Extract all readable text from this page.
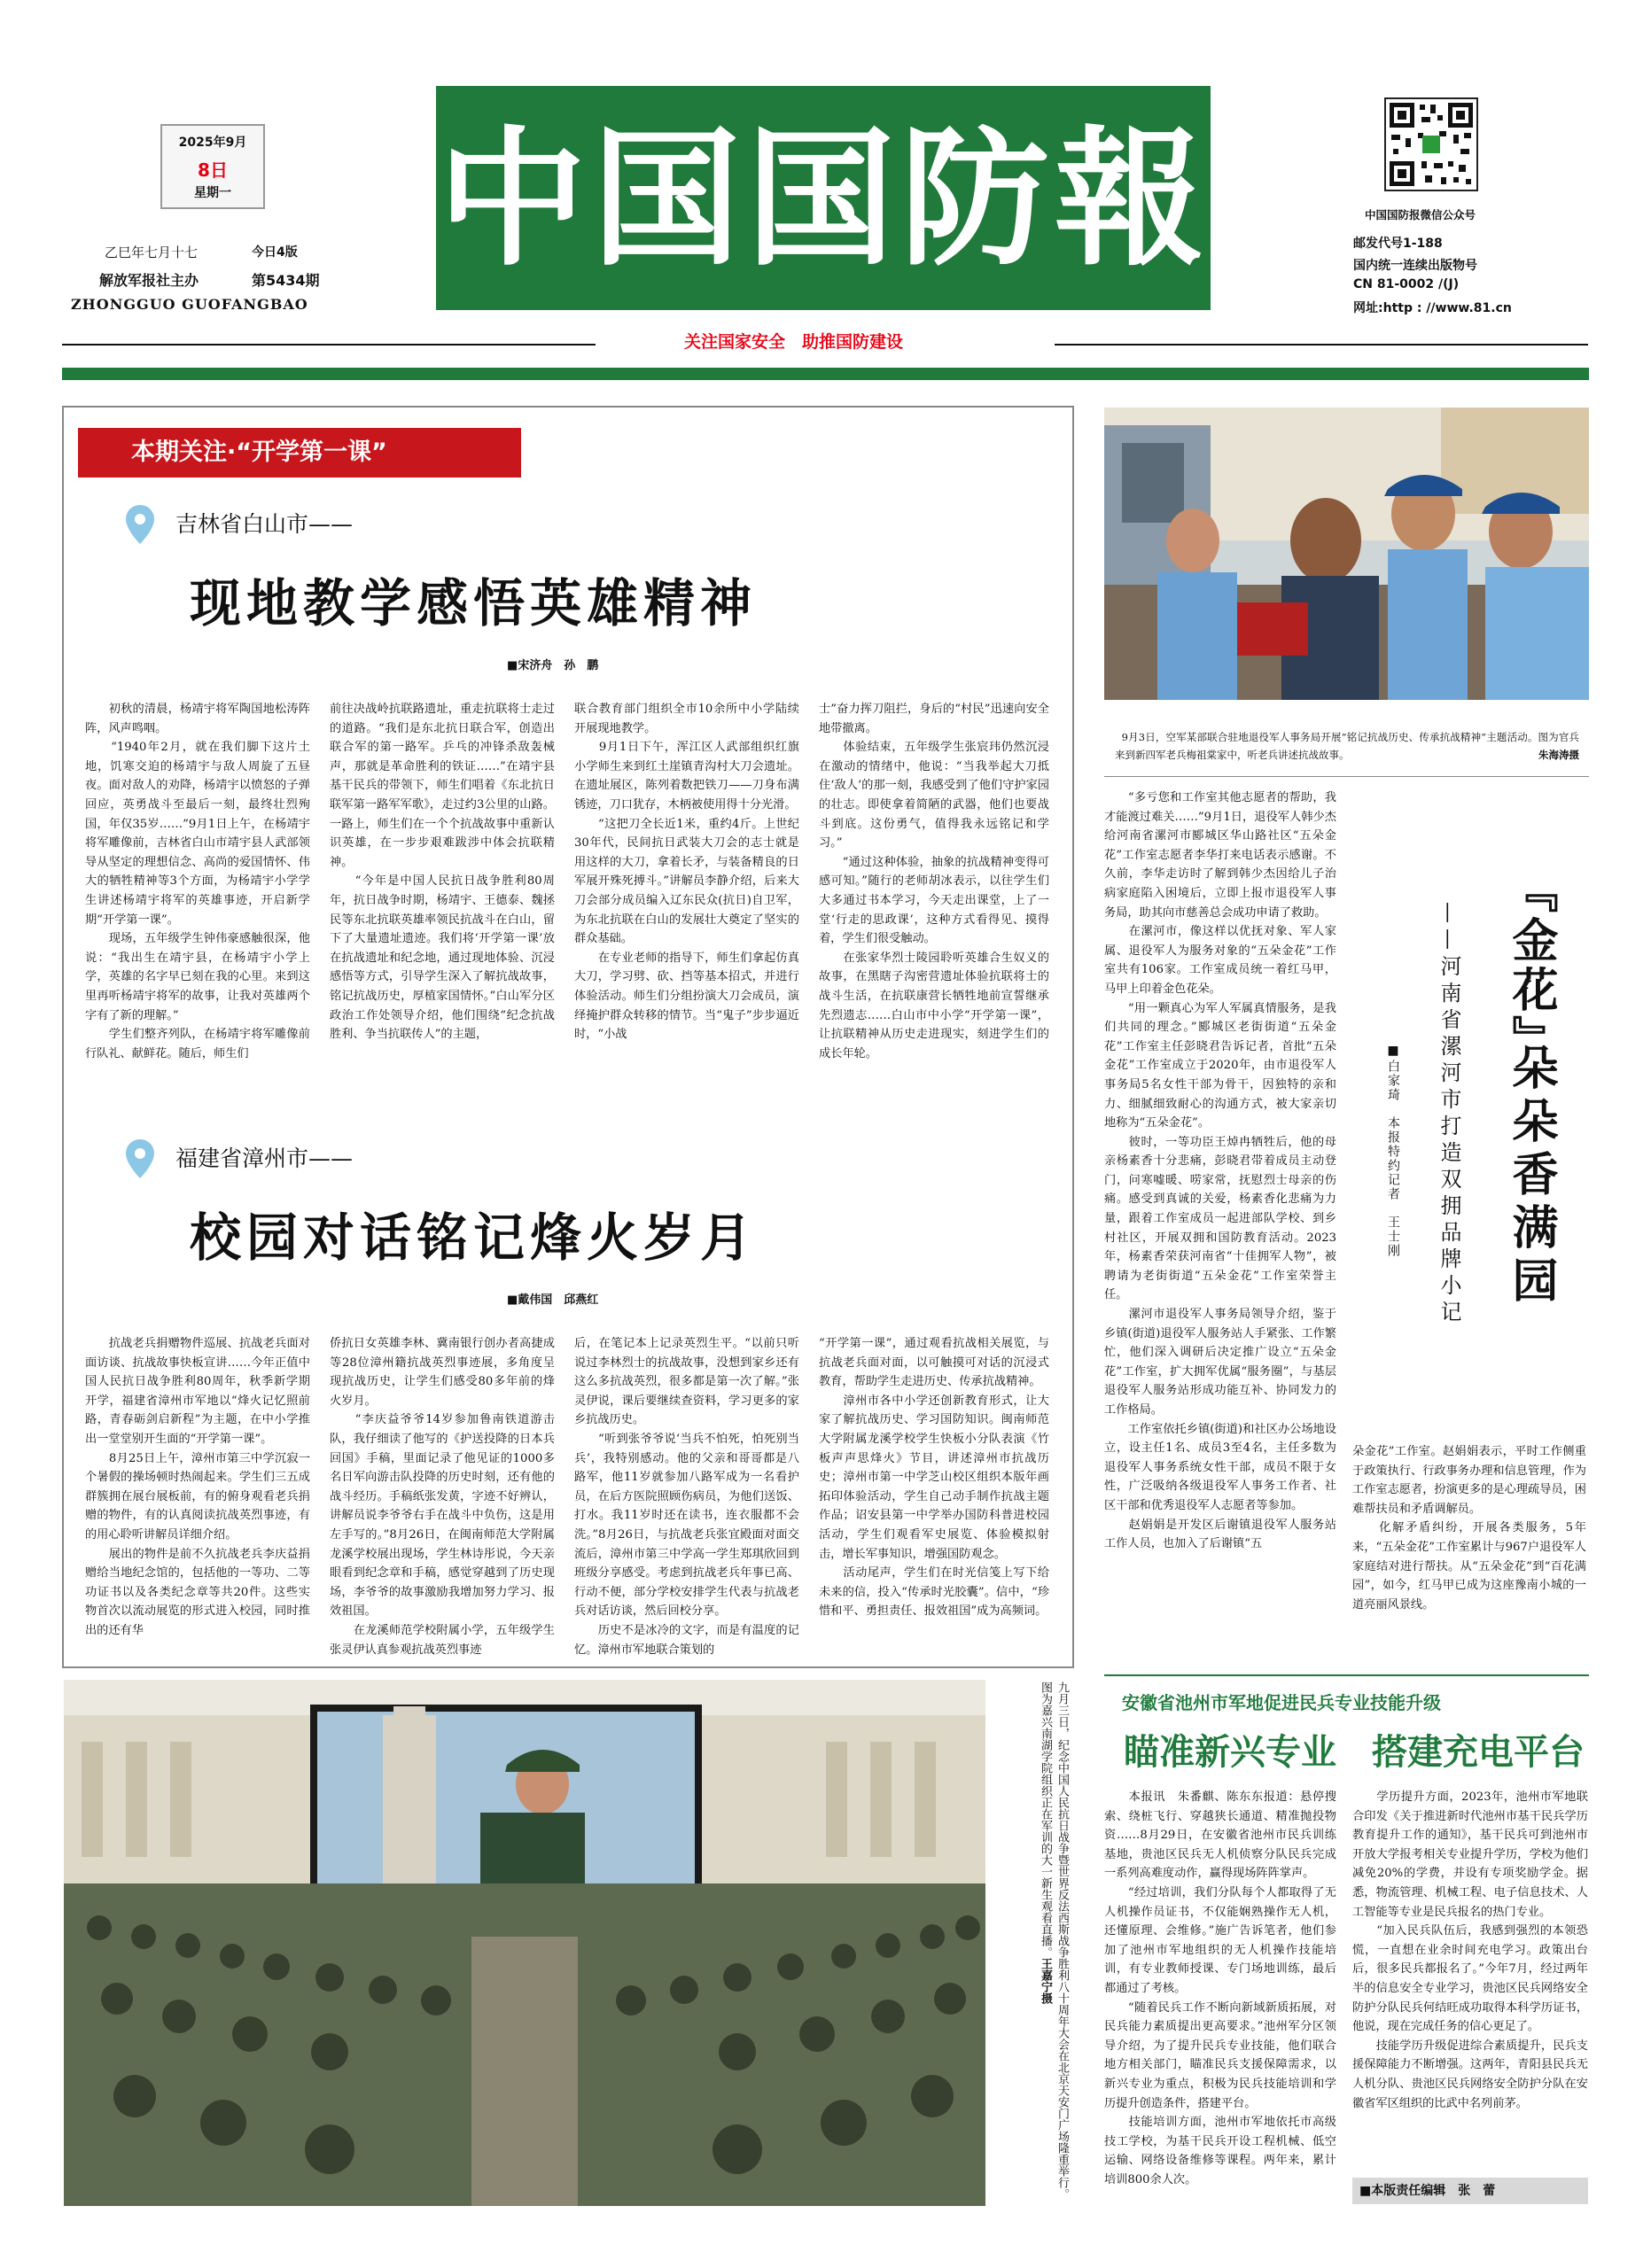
2025年9月
8日
星期一
乙巳年七月十七	今日4版
解放军报社主办	第5434期
ZHONGGUO GUOFANGBAO
中国国防報	中国国防报微信公众号
邮发代号1-188
国内统一连续出版物号
CN 81-0002 /(J)
网址:http : //www.81.cn
关注国家安全　助推国防建设
本期关注·“开学第一课”
吉林省白山市——
现地教学感悟英雄精神
■宋济舟　孙　鹏
　　初秋的清晨，杨靖宇将军陶国地松涛阵阵，风声鸣咽。
　　“1940年2月，就在我们脚下这片土地，饥寒交迫的杨靖宇与敌人周旋了五昼夜。面对敌人的劝降，杨靖宇以愤怒的子弹回应，英勇战斗至最后一刻，最终壮烈殉国，年仅35岁……”9月1日上午，在杨靖宇将军雕像前，吉林省白山市靖宇县人武部领导从坚定的理想信念、高尚的爱国情怀、伟大的牺牲精神等3个方面，为杨靖宇小学学生讲述杨靖宇将军的英雄事迹，开启新学期“开学第一课”。
　　现场，五年级学生钟伟豪感触很深，他说：“我出生在靖宇县，在杨靖宇小学上学，英雄的名字早已刻在我的心里。来到这里再听杨靖宇将军的故事，让我对英雄两个字有了新的理解。”
　　学生们整齐列队，在杨靖宇将军雕像前行队礼、献鲜花。随后，师生们
前往决战岭抗联路遗址，重走抗联将士走过的道路。“我们是东北抗日联合军，创造出联合军的第一路军。乒乓的冲锋杀敌轰械声，那就是革命胜利的铁证……”在靖宇县基干民兵的带领下，师生们唱着《东北抗日联军第一路军军歌》，走过约3公里的山路。一路上，师生们在一个个抗战故事中重新认识英雄，在一步步艰难跋涉中体会抗联精神。
　　“今年是中国人民抗日战争胜利80周年，抗日战争时期，杨靖宇、王德泰、魏拯民等东北抗联英雄率领民抗战斗在白山，留下了大量遗址遗迹。我们将‘开学第一课’放在抗战遗址和纪念地，通过现地体验、沉浸感悟等方式，引导学生深入了解抗战故事，铭记抗战历史，厚植家国情怀。”白山军分区政治工作处领导介绍，他们围绕“纪念抗战胜利、争当抗联传人”的主题，
联合教育部门组织全市10余所中小学陆续开展现地教学。
　　9月1日下午，浑江区人武部组织红旗小学师生来到红土崖镇青沟村大刀会遗址。在遗址展区，陈列着数把铁刀——刀身布满锈迹，刀口犹存，木柄被使用得十分光滑。
　　“这把刀全长近1米，重约4斤。上世纪30年代，民间抗日武装大刀会的志士就是用这样的大刀，拿着长矛，与装备精良的日军展开殊死搏斗。”讲解员李静介绍，后来大刀会部分成员编入辽东民众(抗日)自卫军，为东北抗联在白山的发展壮大奠定了坚实的群众基础。
　　在专业老师的指导下，师生们拿起仿真大刀，学习劈、砍、挡等基本招式，并进行体验活动。师生们分组扮演大刀会成员，演绎掩护群众转移的情节。当“鬼子”步步逼近时，“小战
士”奋力挥刀阻拦，身后的“村民”迅速向安全地带撤离。
　　体验结束，五年级学生张宸玮仍然沉浸在激动的情绪中，他说：“当我举起大刀抵住‘敌人’的那一刻，我感受到了他们守护家园的壮志。即使拿着简陋的武器，他们也要战斗到底。这份勇气，值得我永远铭记和学习。”
　　“通过这种体验，抽象的抗战精神变得可感可知。”随行的老师胡冰表示，以往学生们大多通过书本学习，今天走出课堂，上了一堂‘行走的思政课’，这种方式看得见、摸得着，学生们很受触动。
　　在张家华烈士陵园聆听英雄合生奴义的故事，在黑瞎子沟密营遗址体验抗联将士的战斗生活，在抗联康营长牺牲地前宣誓继承先烈遗志……白山市中小学“开学第一课”，让抗联精神从历史走进现实，刻进学生们的成长年轮。
福建省漳州市——
校园对话铭记烽火岁月
■戴伟国　邱燕红
　　抗战老兵捐赠物件巡展、抗战老兵面对面访谈、抗战故事快板宣讲……今年正值中国人民抗日战争胜利80周年，秋季新学期开学，福建省漳州市军地以“烽火记忆照前路，青春砺剑启新程”为主题，在中小学推出一堂堂别开生面的“开学第一课”。
　　8月25日上午，漳州市第三中学沉寂一个暑假的操场顿时热闹起来。学生们三五成群簇拥在展台展板前，有的俯身观看老兵捐赠的物件，有的认真阅读抗战英烈事迹，有的用心聆听讲解员详细介绍。
　　展出的物件是前不久抗战老兵李庆益捐赠给当地纪念馆的，包括他的一等功、二等功证书以及各类纪念章等共20件。这些实物首次以流动展览的形式进入校园，同时推出的还有华
侨抗日女英雄李林、冀南银行创办者高捷成等28位漳州籍抗战英烈事迹展，多角度呈现抗战历史，让学生们感受80多年前的烽火岁月。
　　“李庆益爷爷14岁参加鲁南铁道游击队，我仔细读了他写的《护送投降的日本兵回国》手稿，里面记录了他见证的1000多名日军向游击队投降的历史时刻，还有他的战斗经历。手稿纸张发黄，字迹不好辨认，讲解员说李爷爷右手在战斗中负伤，这是用左手写的。”8月26日，在闽南师范大学附属龙溪学校展出现场，学生林诗彤说，今天亲眼看到纪念章和手稿，感觉穿越到了历史现场，李爷爷的故事激励我增加努力学习、报效祖国。
　　在龙溪师范学校附属小学，五年级学生张灵伊认真参观抗战英烈事迹
后，在笔记本上记录英烈生平。“以前只听说过李林烈士的抗战故事，没想到家乡还有这么多抗战英烈，很多都是第一次了解。”张灵伊说，课后要继续查资料，学习更多的家乡抗战历史。
　　“听到张爷爷说‘当兵不怕死，怕死别当兵’，我特别感动。他的父亲和哥哥都是八路军，他11岁就参加八路军成为一名看护员，在后方医院照顾伤病员，为他们送饭、打水。我11岁时还在读书，连衣服都不会洗。”8月26日，与抗战老兵张宜殿面对面交流后，漳州市第三中学高一学生郑琪欣回到班级分享感受。考虑到抗战老兵年事已高、行动不便，部分学校安排学生代表与抗战老兵对话访谈，然后回校分享。
　　历史不是冰冷的文字，而是有温度的记忆。漳州市军地联合策划的
“开学第一课”，通过观看抗战相关展览，与抗战老兵面对面，以可触摸可对话的沉浸式教育，帮助学生走进历史、传承抗战精神。
　　漳州市各中小学还创新教育形式，让大家了解抗战历史、学习国防知识。闽南师范大学附属龙溪学校学生快板小分队表演《竹板声声思烽火》节目，讲述漳州市抗战历史；漳州市第一中学芝山校区组织本版年画拓印体验活动，学生自己动手制作抗战主题作品；诏安县第一中学举办国防科普进校园活动，学生们观看军史展览、体验模拟射击，增长军事知识，增强国防观念。
　　活动尾声，学生们在时光信笺上写下给未来的信，投入“传承时光胶囊”。信中，“珍惜和平、勇担责任、报效祖国”成为高频词。

9月3日，空军某部联合驻地退役军人事务局开展“铭记抗战历史、传承抗战精神”主题活动。图为官兵来到新四军老兵梅祖棠家中，听老兵讲述抗战故事。	朱海涛摄

　　“多亏您和工作室其他志愿者的帮助，我才能渡过难关……”9月1日，退役军人韩少杰给河南省漯河市郾城区华山路社区“五朵金花”工作室志愿者李华打来电话表示感谢。不久前，李华走访时了解到韩少杰因给儿子治病家庭陷入困境后，立即上报市退役军人事务局，助其向市慈善总会成功申请了救助。
　　在漯河市，像这样以优抚对象、军人家属、退役军人为服务对象的“五朵金花”工作室共有106家。工作室成员统一着红马甲，马甲上印着金色花朵。
　　“用一颗真心为军人军属真情服务，是我们共同的理念。”郾城区老街街道“五朵金花”工作室主任彭晓君告诉记者，首批“五朵金花”工作室成立于2020年，由市退役军人事务局5名女性干部为骨干，因独特的亲和力、细腻细致耐心的沟通方式，被大家亲切地称为“五朵金花”。
　　彼时，一等功臣王焯冉牺牲后，他的母亲杨素香十分悲痛，彭晓君带着成员主动登门，问寒嘘暖、唠家常，抚慰烈士母亲的伤痛。感受到真诚的关爱，杨素香化悲痛为力量，跟着工作室成员一起进部队学校、到乡村社区，开展双拥和国防教育活动。2023年，杨素香荣获河南省“十佳拥军人物”，被聘请为老街街道“五朵金花”工作室荣誉主任。
　　漯河市退役军人事务局领导介绍，鉴于乡镇(街道)退役军人服务站人手紧张、工作繁忙，他们深入调研后决定推广设立“五朵金花”工作室，扩大拥军优属“服务圈”，与基层退役军人服务站形成功能互补、协同发力的工作格局。
　　工作室依托乡镇(街道)和社区办公场地设立，设主任1名、成员3至4名，主任多数为退役军人事务系统女性干部，成员不限于女性，广泛吸纳各级退役军人事务工作者、社区干部和优秀退役军人志愿者等参加。
　　赵娟娟是开发区后谢镇退役军人服务站工作人员，也加入了后谢镇“五
『金花』
朵朵香满园
——河南省漯河市打造双拥品牌小记
■白家琦　本报特约记者　王士刚
朵金花”工作室。赵娟娟表示，平时工作侧重于政策执行、行政事务办理和信息管理，作为工作室志愿者，扮演更多的是心理疏导员，困难帮扶员和矛盾调解员。
　　化解矛盾纠纷，开展各类服务，5年来，“五朵金花”工作室累计与967户退役军人家庭结对进行帮扶。从“五朵金花”到“百花满园”，如今，红马甲已成为这座豫南小城的一道亮丽风景线。
九月三日，纪念中国人民抗日战争暨世界反法西斯战争胜利八十周年大会在北京天安门广场隆重举行。图为嘉兴南湖学院组织正在军训的大一新生观看直播。王嘉宁摄
安徽省池州市军地促进民兵专业技能升级
瞄准新兴专业　搭建充电平台
　　本报讯　朱番麒、陈东东报道：悬停搜索、绕桩飞行、穿越狭长通道、精准抛投物资……8月29日，在安徽省池州市民兵训练基地，贵池区民兵无人机侦察分队民兵完成一系列高难度动作，赢得现场阵阵掌声。
　　“经过培训，我们分队每个人都取得了无人机操作员证书，不仅能娴熟操作无人机，还懂原理、会维修。”施广告诉笔者，他们参加了池州市军地组织的无人机操作技能培训，有专业教师授课、专门场地训练，最后都通过了考核。
　　“随着民兵工作不断向新域新质拓展，对民兵能力素质提出更高要求。”池州军分区领导介绍，为了提升民兵专业技能，他们联合地方相关部门，瞄准民兵支援保障需求，以新兴专业为重点，积极为民兵技能培训和学历提升创造条件，搭建平台。
　　技能培训方面，池州市军地依托市高级技工学校，为基干民兵开设工程机械、低空运输、网络设备维修等课程。两年来，累计培训800余人次。
　　学历提升方面，2023年，池州市军地联合印发《关于推进新时代池州市基干民兵学历教育提升工作的通知》，基干民兵可到池州市开放大学报考相关专业提升学历，学校为他们减免20%的学费，并设有专项奖励学金。据悉，物流管理、机械工程、电子信息技术、人工智能等专业是民兵报名的热门专业。
　　“加入民兵队伍后，我感到强烈的本领恐慌，一直想在业余时间充电学习。政策出台后，很多民兵都报名了。”今年7月，经过两年半的信息安全专业学习，贵池区民兵网络安全防护分队民兵何结旺成功取得本科学历证书，他说，现在完成任务的信心更足了。
　　技能学历升级促进综合素质提升，民兵支援保障能力不断增强。这两年，青阳县民兵无人机分队、贵池区民兵网络安全防护分队在安徽省军区组织的比武中名列前茅。
■本版责任编辑　张　蕾
